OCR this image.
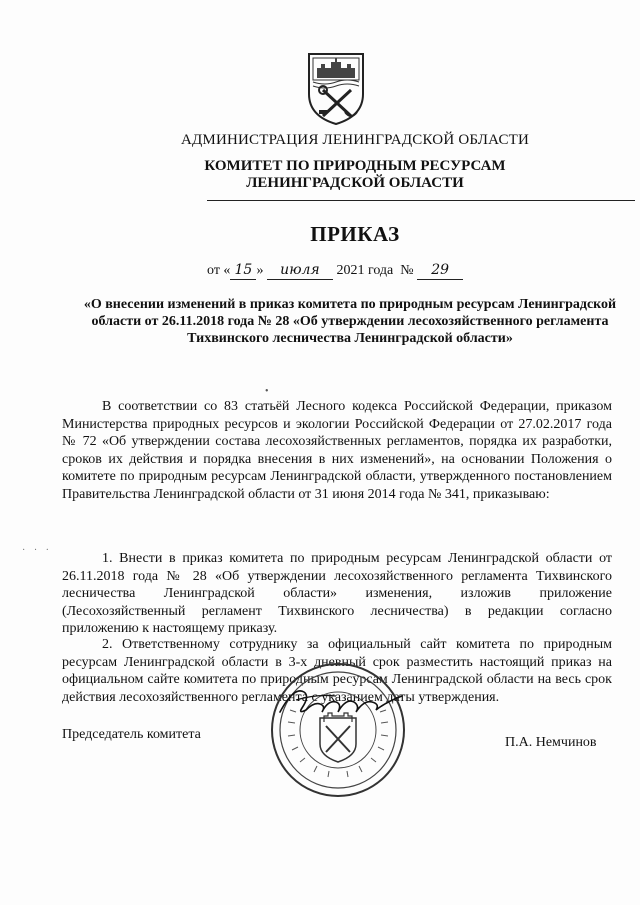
АДМИНИСТРАЦИЯ ЛЕНИНГРАДСКОЙ ОБЛАСТИ
КОМИТЕТ ПО ПРИРОДНЫМ РЕСУРСАМ
ЛЕНИНГРАДСКОЙ ОБЛАСТИ
ПРИКАЗ
от « 15 » июля 2021 года № 29
«О внесении изменений в приказ комитета по природным ресурсам Ленинградской области от 26.11.2018 года № 28 «Об утверждении лесохозяйственного регламента Тихвинского лесничества Ленинградской области»
•
В соответствии со 83 статьёй Лесного кодекса Российской Федерации, приказом Министерства природных ресурсов и экологии Российской Федерации от 27.02.2017 года № 72 «Об утверждении состава лесохозяйственных регламентов, порядка их разработки, сроков их действия и порядка внесения в них изменений», на основании Положения о комитете по природным ресурсам Ленинградской области, утвержденного постановлением Правительства Ленинградской области от 31 июня 2014 года № 341, приказываю:
· · ·
1. Внести в приказ комитета по природным ресурсам Ленинградской области от 26.11.2018 года № 28 «Об утверждении лесохозяйственного регламента Тихвинского лесничества Ленинградской области» изменения, изложив приложение (Лесохозяйственный регламент Тихвинского лесничества) в редакции согласно приложению к настоящему приказу.
2. Ответственному сотруднику за официальный сайт комитета по природным ресурсам Ленинградской области в 3-х дневный срок разместить настоящий приказ на официальном сайте комитета по природным ресурсам Ленинградской области на весь срок действия лесохозяйственного регламента с указанием даты утверждения.
Председатель комитета
П.А. Немчинов
